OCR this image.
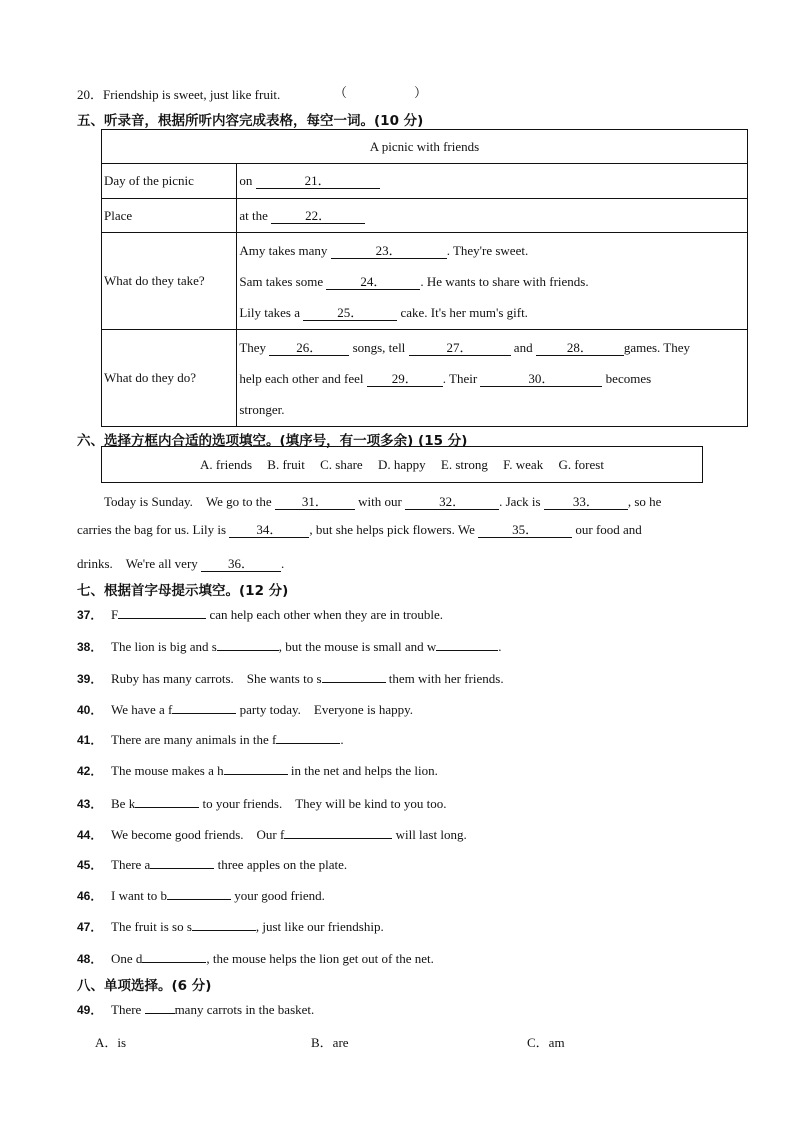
20．Friendship is sweet, just like fruit.	（	）
五、听录音，根据所听内容完成表格，每空一词。(10 分)
A picnic with friends	
Day of the picnic	on 21．
Place	at the 22．
What do they take?	Amy takes many 23． . They're sweet.
Sam takes some 24． . He wants to share with friends.
Lily takes a 25． cake. It's her mum's gift.

What do they do?	They 26． songs, tell 27． and 28． games. They
help each other and feel 29． . Their 30． becomes
stronger.
六、选择方框内合适的选项填空。(填序号，有一项多余) (15 分)
A. friends B. fruit C. share D. happy E. strong F. weak G. forest
Today is Sunday.　We go to the 31． with our	32．	. Jack is 33． , so he
carries the bag for us. Lily is 34． , but she helps pick flowers. We	35．	our food and
drinks.　We're all very 36． .
七、根据首字母提示填空。(12 分)
37． F	can help each other when they are in trouble.
38． The lion is big and s	, but the mouse is small and w	.
39． Ruby has many carrots.　She wants to s	them with her friends.
40． We have a f	party today.　Everyone is happy.
41． There are many animals in the f	.
42． The mouse makes a h	in the net and helps the lion.
43． Be k	to your friends.　They will be kind to you too.
44． We become good friends.　Our f	will last long.
45． There a	three apples on the plate.
46． I want to b	your good friend.
47． The fruit is so s	, just like our friendship.
48． One d	, the mouse helps the lion get out of the net.
八、单项选择。(6 分)
49． There	many carrots in the basket.
A．is	B．are	C．am
